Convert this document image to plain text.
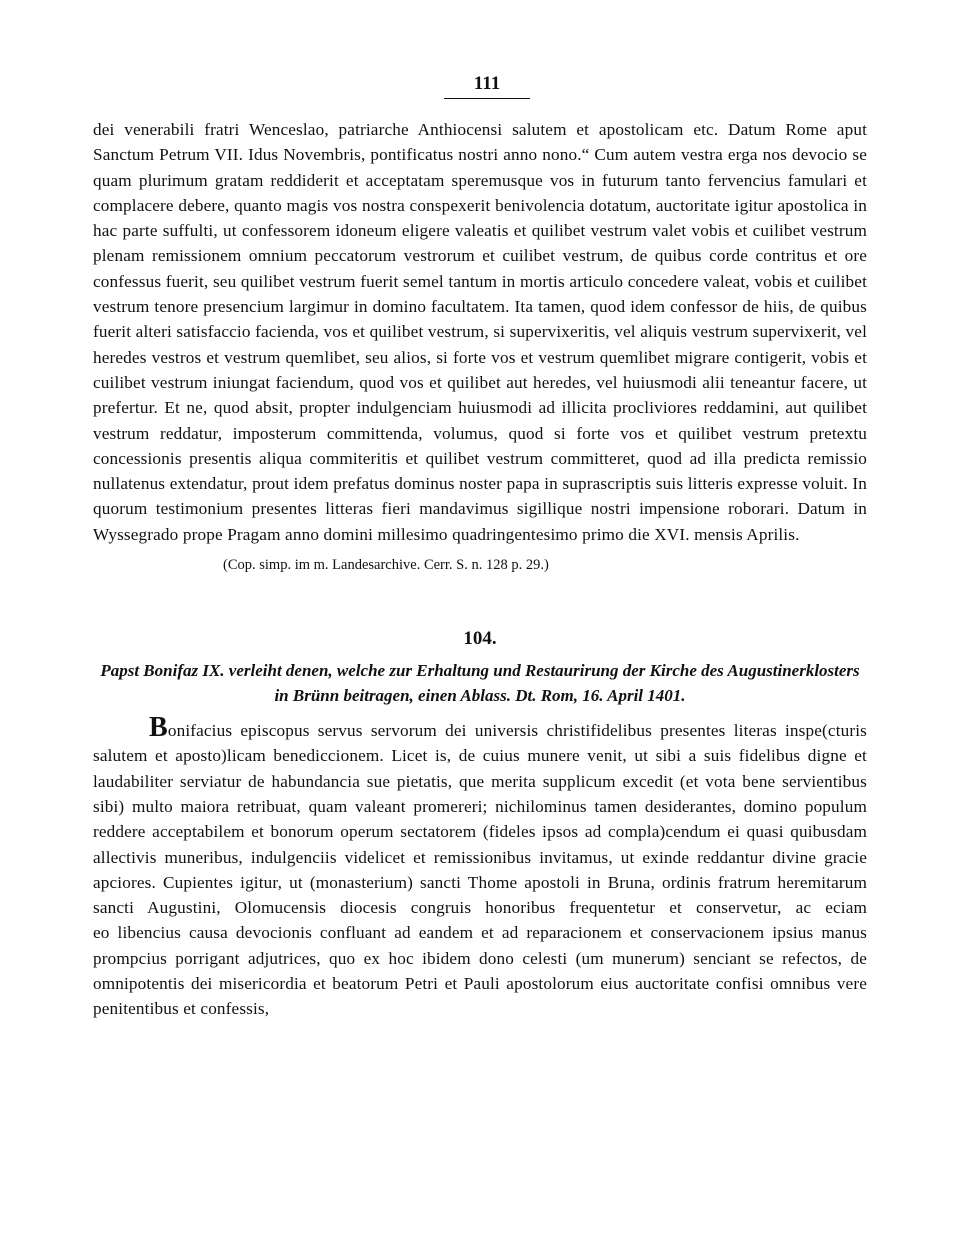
111

dei venerabili fratri Wenceslao, patriarche Anthiocensi salutem et apostolicam etc. Datum Rome aput Sanctum Petrum VII. Idus Novembris, pontificatus nostri anno nono.“ Cum autem vestra erga nos devocio se quam plurimum gratam reddiderit et acceptatam speremusque vos in futurum tanto fervencius famulari et complacere debere, quanto magis vos nostra conspexerit benivolencia dotatum, auctoritate igitur apostolica in hac parte suffulti, ut confessorem idoneum eligere valeatis et quilibet vestrum valet vobis et cuilibet vestrum plenam remissionem omnium peccatorum vestrorum et cuilibet vestrum, de quibus corde contritus et ore confessus fuerit, seu quilibet vestrum fuerit semel tantum in mortis articulo concedere valeat, vobis et cuilibet vestrum tenore presencium largimur in domino facultatem. Ita tamen, quod idem confessor de hiis, de quibus fuerit alteri satisfaccio facienda, vos et quilibet vestrum, si supervixeritis, vel aliquis vestrum supervixerit, vel heredes vestros et vestrum quemlibet, seu alios, si forte vos et vestrum quemlibet migrare contigerit, vobis et cuilibet vestrum iniungat faciendum, quod vos et quilibet aut heredes, vel huiusmodi alii teneantur facere, ut prefertur. Et ne, quod absit, propter indulgenciam huiusmodi ad illicita procliviores reddamini, aut quilibet vestrum reddatur, imposterum committenda, volumus, quod si forte vos et quilibet vestrum pretextu concessionis presentis aliqua commiteritis et quilibet vestrum committeret, quod ad illa predicta remissio nullatenus extendatur, prout idem prefatus dominus noster papa in suprascriptis suis litteris expresse voluit. In quorum testimonium presentes litteras fieri mandavimus sigillique nostri impensione roborari. Datum in Wyssegrado prope Pragam anno domini millesimo quadringentesimo primo die XVI. mensis Aprilis.

(Cop. simp. im m. Landesarchive. Cerr. S. n. 128 p. 29.)
104.
Papst Bonifaz IX. verleiht denen, welche zur Erhaltung und Restaurirung der Kirche des Augustinerklosters in Brünn beitragen, einen Ablass. Dt. Rom, 16. April 1401.

Bonifacius episcopus servus servorum dei universis christifidelibus presentes literas inspe(cturis salutem et aposto)licam benediccionem. Licet is, de cuius munere venit, ut sibi a suis fidelibus digne et laudabiliter serviatur de habundancia sue pietatis, que merita supplicum excedit (et vota bene servientibus sibi) multo maiora retribuat, quam valeant promereri; nichilominus tamen desiderantes, domino populum reddere acceptabilem et bonorum operum sectatorem (fideles ipsos ad compla)cendum ei quasi quibusdam allectivis muneribus, indulgenciis videlicet et remissionibus invitamus, ut exinde reddantur divine gracie apciores. Cupientes igitur, ut (monasterium) sancti Thome apostoli in Bruna, ordinis fratrum heremitarum sancti Augustini, Olomucensis diocesis congruis honoribus frequentetur et conservetur, ac eciam                    eo libencius causa devocionis confluant ad eandem et ad reparacionem et conservacionem ipsius manus prompcius porrigant adjutrices, quo ex hoc ibidem dono celesti (um munerum) senciant se refectos, de omnipotentis dei misericordia et beatorum Petri et Pauli apostolorum eius auctoritate confisi omnibus vere penitentibus et confessis,
